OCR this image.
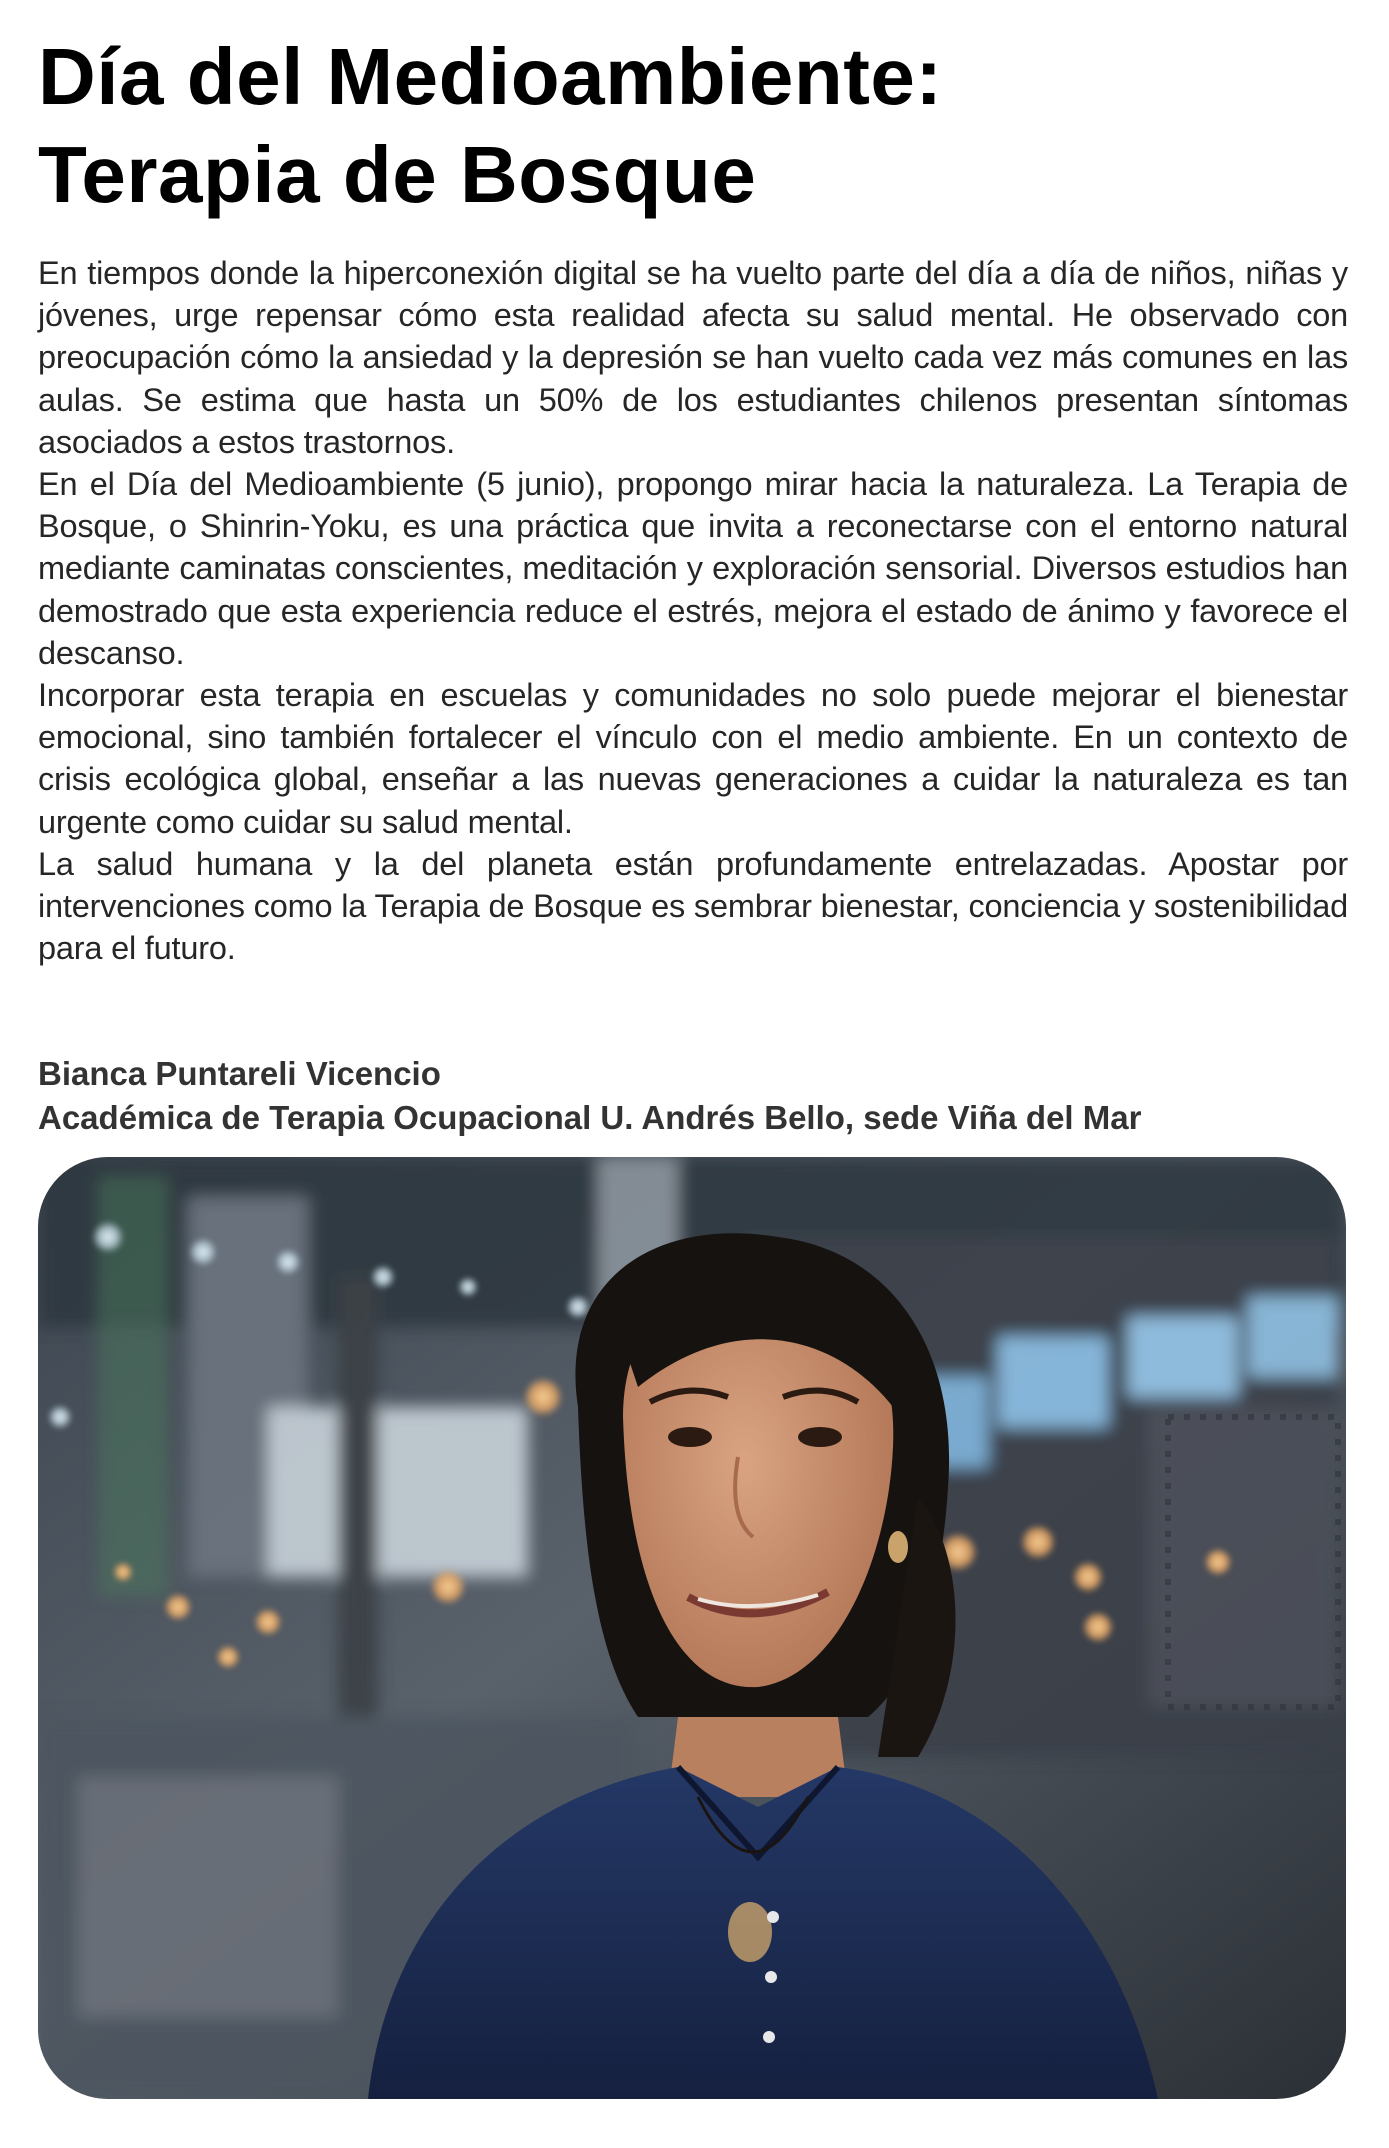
Día del Medioambiente:
Terapia de Bosque

En tiempos donde la hiperconexión digital se ha vuelto parte del día a día de niños, niñas y jóvenes, urge repensar cómo esta realidad afecta su salud mental. He observado con preocupación cómo la ansiedad y la depresión se han vuelto cada vez más comunes en las aulas. Se estima que hasta un 50% de los estudiantes chilenos presentan síntomas asociados a estos trastornos.

En el Día del Medioambiente (5 junio), propongo mirar hacia la naturaleza. La Terapia de Bosque, o Shinrin-Yoku, es una práctica que invita a reconectarse con el entorno natural mediante caminatas conscientes, meditación y exploración sensorial. Diversos estudios han demostrado que esta experiencia reduce el estrés, mejora el estado de ánimo y favorece el descanso.

Incorporar esta terapia en escuelas y comunidades no solo puede mejorar el bienestar emocional, sino también fortalecer el vínculo con el medio ambiente. En un contexto de crisis ecológica global, enseñar a las nuevas generaciones a cuidar la naturaleza es tan urgente como cuidar su salud mental.

La salud humana y la del planeta están profundamente entrelazadas. Apostar por intervenciones como la Terapia de Bosque es sembrar bienestar, conciencia y sostenibilidad para el futuro.

Bianca Puntareli Vicencio
Académica de Terapia Ocupacional U. Andrés Bello, sede Viña del Mar
